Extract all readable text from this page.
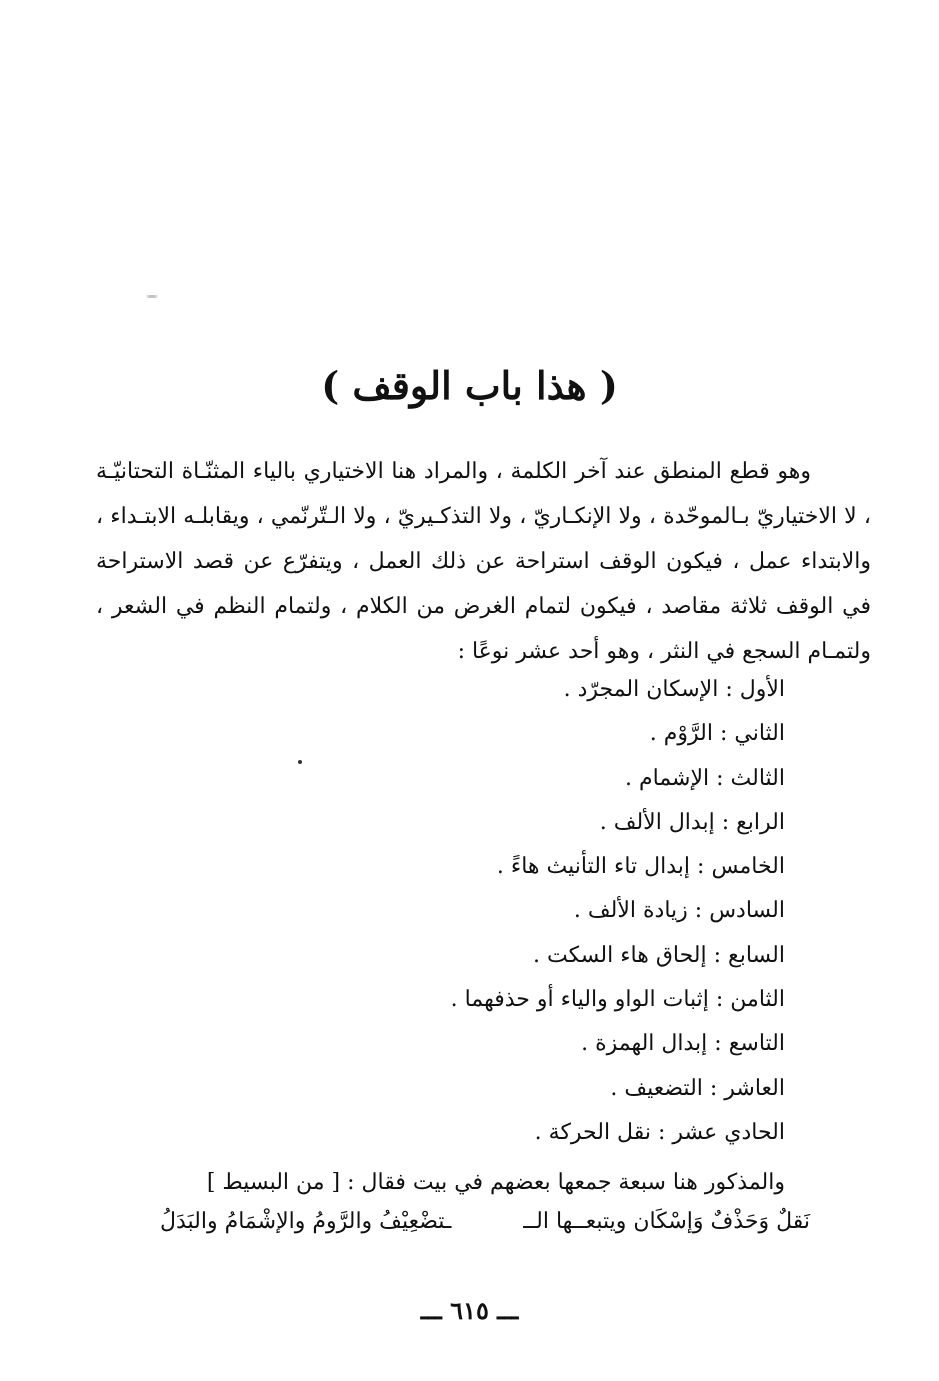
( هذا باب الوقف )

وهو قطع المنطق عند آخر الكلمة ، والمراد هنا الاختياري بالياء المثنّـاة التحتانيّـة ، لا الاختياريّ بـالموحّدة ، ولا الإنكـاريّ ، ولا التذكـيريّ ، ولا الـتّرنّمي ، ويقابلـه الابتـداء ، والابتداء عمل ، فيكون الوقف استراحة عن ذلك العمل ، ويتفرّع عن قصد الاستراحة في الوقف ثلاثة مقاصد ، فيكون لتمام الغرض من الكلام ، ولتمام النظم في الشعر ، ولتمـام السجع في النثر ، وهو أحد عشر نوعًا :

الأول : الإسكان المجرّد .
الثاني : الرَّوْم .
الثالث : الإشمام .
الرابع : إبدال الألف .
الخامس : إبدال تاء التأنيث هاءً .
السادس : زيادة الألف .
السابع : إلحاق هاء السكت .
الثامن : إثبات الواو والياء أو حذفهما .
التاسع : إبدال الهمزة .
العاشر : التضعيف .
الحادي عشر : نقل الحركة .

والمذكور هنا سبعة جمعها بعضهم في بيت فقال : [ من البسيط ]

نَقلٌ وَحَذْفٌ وَإسْكَان ويتبعــها الــ
ـتضْعِيْفُ والرَّومُ والإشْمَامُ والبَدَلُ

ـــ ٦١٥ ـــ
